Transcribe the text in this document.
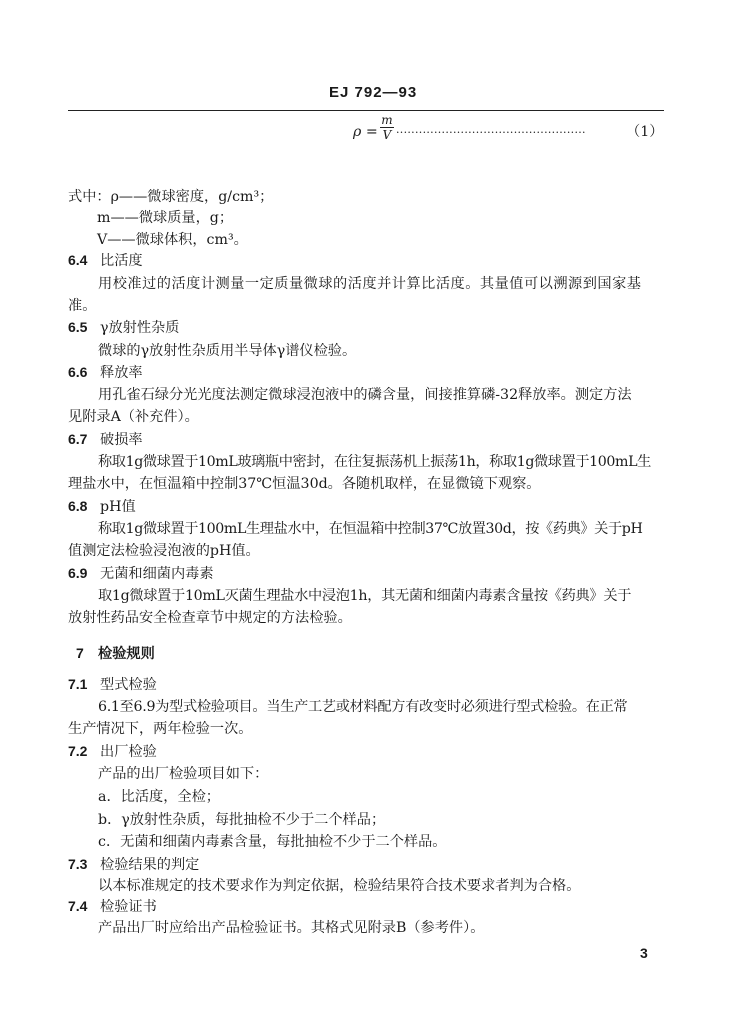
EJ 792—93
ρ =
m
V ··················································	（1）
式中：ρ——微球密度，g/cm³；
m——微球质量，g；
V——微球体积，cm³。
6.4 比活度
用校准过的活度计测量一定质量微球的活度并计算比活度。其量值可以溯源到国家基
准。
6.5 γ放射性杂质
微球的γ放射性杂质用半导体γ谱仪检验。
6.6 释放率
用孔雀石绿分光光度法测定微球浸泡液中的磷含量，间接推算磷-32释放率。测定方法
见附录A（补充件）。
6.7 破损率
称取1g微球置于10mL玻璃瓶中密封，在往复振荡机上振荡1h，称取1g微球置于100mL生
理盐水中，在恒温箱中控制37℃恒温30d。各随机取样，在显微镜下观察。
6.8 pH值
称取1g微球置于100mL生理盐水中，在恒温箱中控制37℃放置30d，按《药典》关于pH
值测定法检验浸泡液的pH值。
6.9 无菌和细菌内毒素
取1g微球置于10mL灭菌生理盐水中浸泡1h，其无菌和细菌内毒素含量按《药典》关于
放射性药品安全检查章节中规定的方法检验。
7 检验规则
7.1 型式检验
6.1至6.9为型式检验项目。当生产工艺或材料配方有改变时必须进行型式检验。在正常
生产情况下，两年检验一次。
7.2 出厂检验
产品的出厂检验项目如下：
a．比活度，全检；
b．γ放射性杂质，每批抽检不少于二个样品；
c．无菌和细菌内毒素含量，每批抽检不少于二个样品。
7.3 检验结果的判定
以本标准规定的技术要求作为判定依据，检验结果符合技术要求者判为合格。
7.4 检验证书
产品出厂时应给出产品检验证书。其格式见附录B（参考件）。
3
